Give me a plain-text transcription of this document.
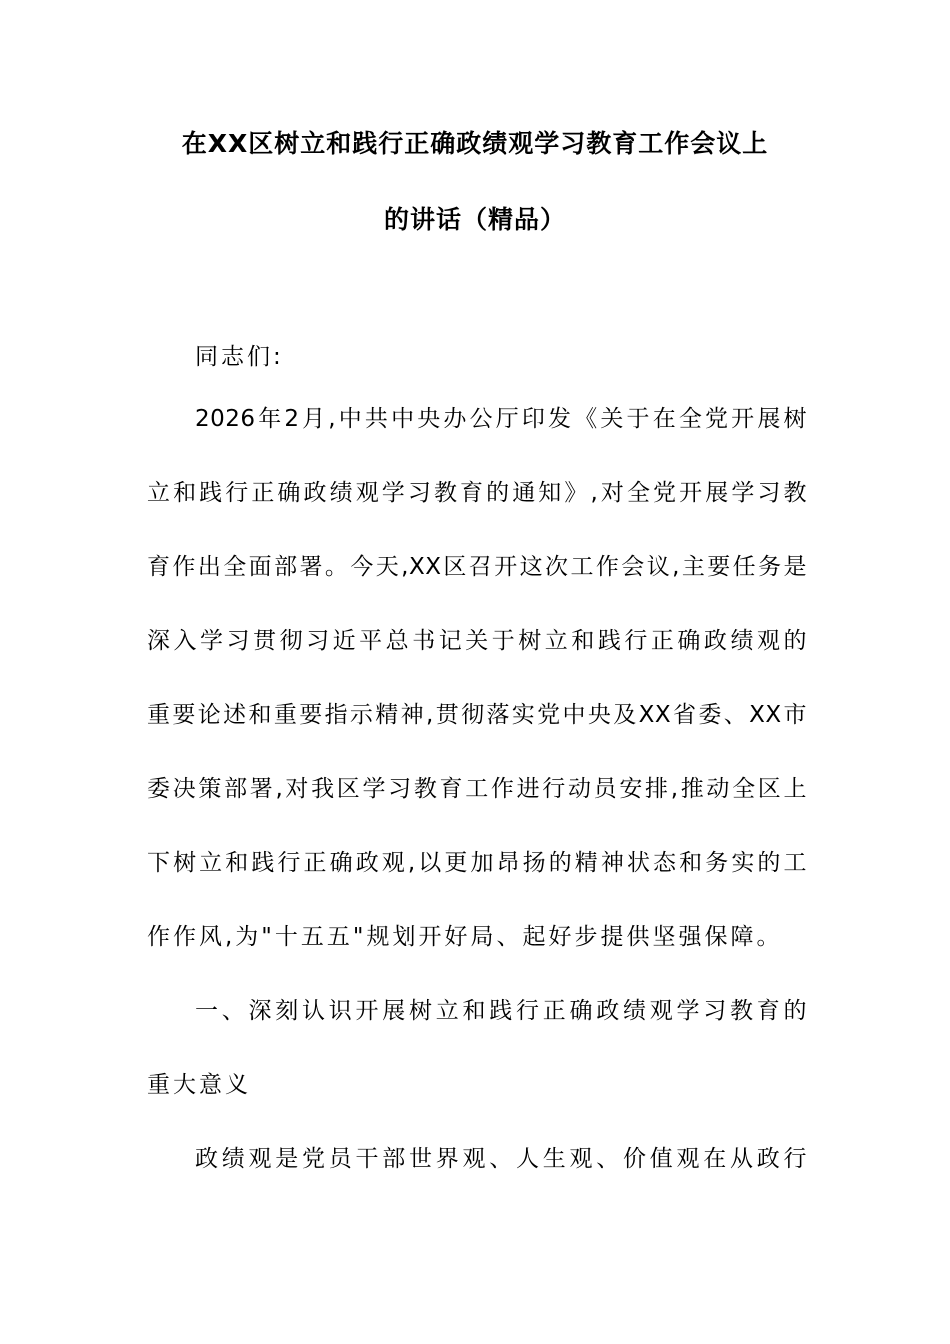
在XX区树立和践行正确政绩观学习教育工作会议上
的讲话（精品）
同志们:
2026年2月,中共中央办公厅印发《关于在全党开展树
立和践行正确政绩观学习教育的通知》,对全党开展学习教
育作出全面部署。今天,XX区召开这次工作会议,主要任务是
深入学习贯彻习近平总书记关于树立和践行正确政绩观的
重要论述和重要指示精神,贯彻落实党中央及XX省委、XX市
委决策部署,对我区学习教育工作进行动员安排,推动全区上
下树立和践行正确政观,以更加昂扬的精神状态和务实的工
作作风,为"十五五"规划开好局、起好步提供坚强保障。
一、深刻认识开展树立和践行正确政绩观学习教育的
重大意义
政绩观是党员干部世界观、人生观、价值观在从政行
